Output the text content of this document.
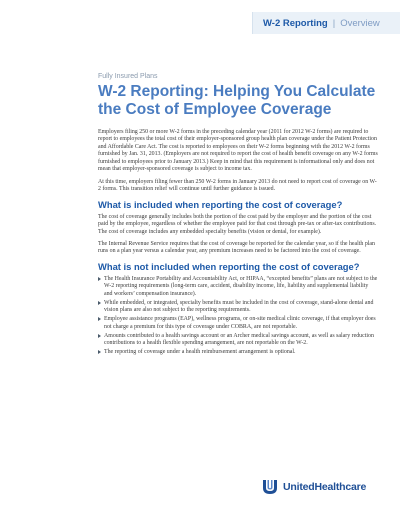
W-2 Reporting | Overview
Fully Insured Plans
W-2 Reporting: Helping You Calculate
the Cost of Employee Coverage

Employers filing 250 or more W-2 forms in the preceding calendar year (2011 for 2012 W-2 forms) are required to report to employees the total cost of their employer-sponsored group health plan coverage under the Patient Protection and Affordable Care Act. The cost is reported to employees on their W-2 forms beginning with the 2012 W-2 forms furnished by Jan. 31, 2013. (Employers are not required to report the cost of health benefit coverage on any W-2 forms furnished to employees prior to January 2013.) Keep in mind that this requirement is informational only and does not mean that employer-sponsored coverage is subject to income tax.

At this time, employers filing fewer than 250 W-2 forms in January 2013 do not need to report cost of coverage on W-2 forms. This transition relief will continue until further guidance is issued.

What is included when reporting the cost of coverage?

The cost of coverage generally includes both the portion of the cost paid by the employer and the portion of the cost paid by the employee, regardless of whether the employee paid for that cost through pre-tax or after-tax contributions. The cost of coverage includes any embedded specialty benefits (vision or dental, for example).

The Internal Revenue Service requires that the cost of coverage be reported for the calendar year, so if the health plan runs on a plan year versus a calendar year, any premium increases need to be factored into the cost of coverage.

What is not included when reporting the cost of coverage?
The Health Insurance Portability and Accountability Act, or HIPAA, “excepted benefits” plans are not subject to the W-2 reporting requirements (long-term care, accident, disability income, life, liability and supplemental liability and workers’ compensation insurance).
While embedded, or integrated, specialty benefits must be included in the cost of coverage, stand-alone dental and vision plans are also not subject to the reporting requirements.
Employee assistance programs (EAP), wellness programs, or on-site medical clinic coverage, if that employer does not charge a premium for this type of coverage under COBRA, are not reportable.
Amounts contributed to a health savings account or an Archer medical savings account, as well as salary reduction contributions to a health flexible spending arrangement, are not reportable on the W-2.
The reporting of coverage under a health reimbursement arrangement is optional.
UnitedHealthcare
